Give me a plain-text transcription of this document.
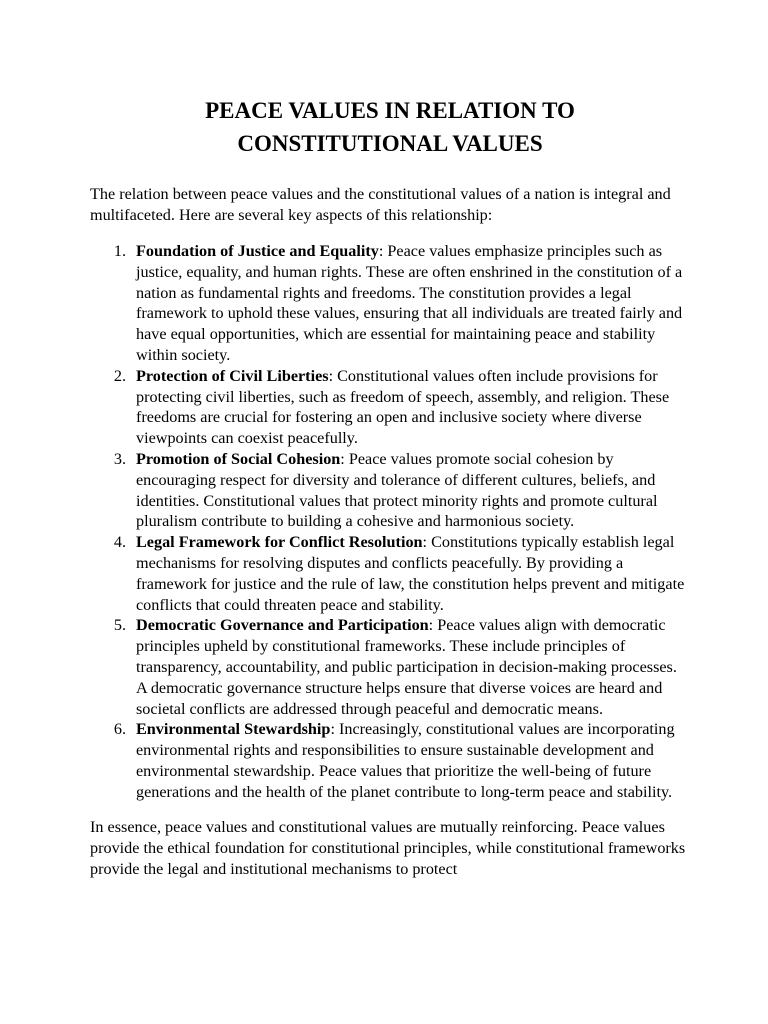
PEACE VALUES IN RELATION TO
CONSTITUTIONAL VALUES

The relation between peace values and the constitutional values of a nation is integral and multifaceted. Here are several key aspects of this relationship:

1. Foundation of Justice and Equality: Peace values emphasize principles such as justice, equality, and human rights. These are often enshrined in the constitution of a nation as fundamental rights and freedoms. The constitution provides a legal framework to uphold these values, ensuring that all individuals are treated fairly and have equal opportunities, which are essential for maintaining peace and stability within society.
2. Protection of Civil Liberties: Constitutional values often include provisions for protecting civil liberties, such as freedom of speech, assembly, and religion. These freedoms are crucial for fostering an open and inclusive society where diverse viewpoints can coexist peacefully.
3. Promotion of Social Cohesion: Peace values promote social cohesion by encouraging respect for diversity and tolerance of different cultures, beliefs, and identities. Constitutional values that protect minority rights and promote cultural pluralism contribute to building a cohesive and harmonious society.
4. Legal Framework for Conflict Resolution: Constitutions typically establish legal mechanisms for resolving disputes and conflicts peacefully. By providing a framework for justice and the rule of law, the constitution helps prevent and mitigate conflicts that could threaten peace and stability.
5. Democratic Governance and Participation: Peace values align with democratic principles upheld by constitutional frameworks. These include principles of transparency, accountability, and public participation in decision-making processes. A democratic governance structure helps ensure that diverse voices are heard and societal conflicts are addressed through peaceful and democratic means.
6. Environmental Stewardship: Increasingly, constitutional values are incorporating environmental rights and responsibilities to ensure sustainable development and environmental stewardship. Peace values that prioritize the well-being of future generations and the health of the planet contribute to long-term peace and stability.

In essence, peace values and constitutional values are mutually reinforcing. Peace values provide the ethical foundation for constitutional principles, while constitutional frameworks provide the legal and institutional mechanisms to protect
